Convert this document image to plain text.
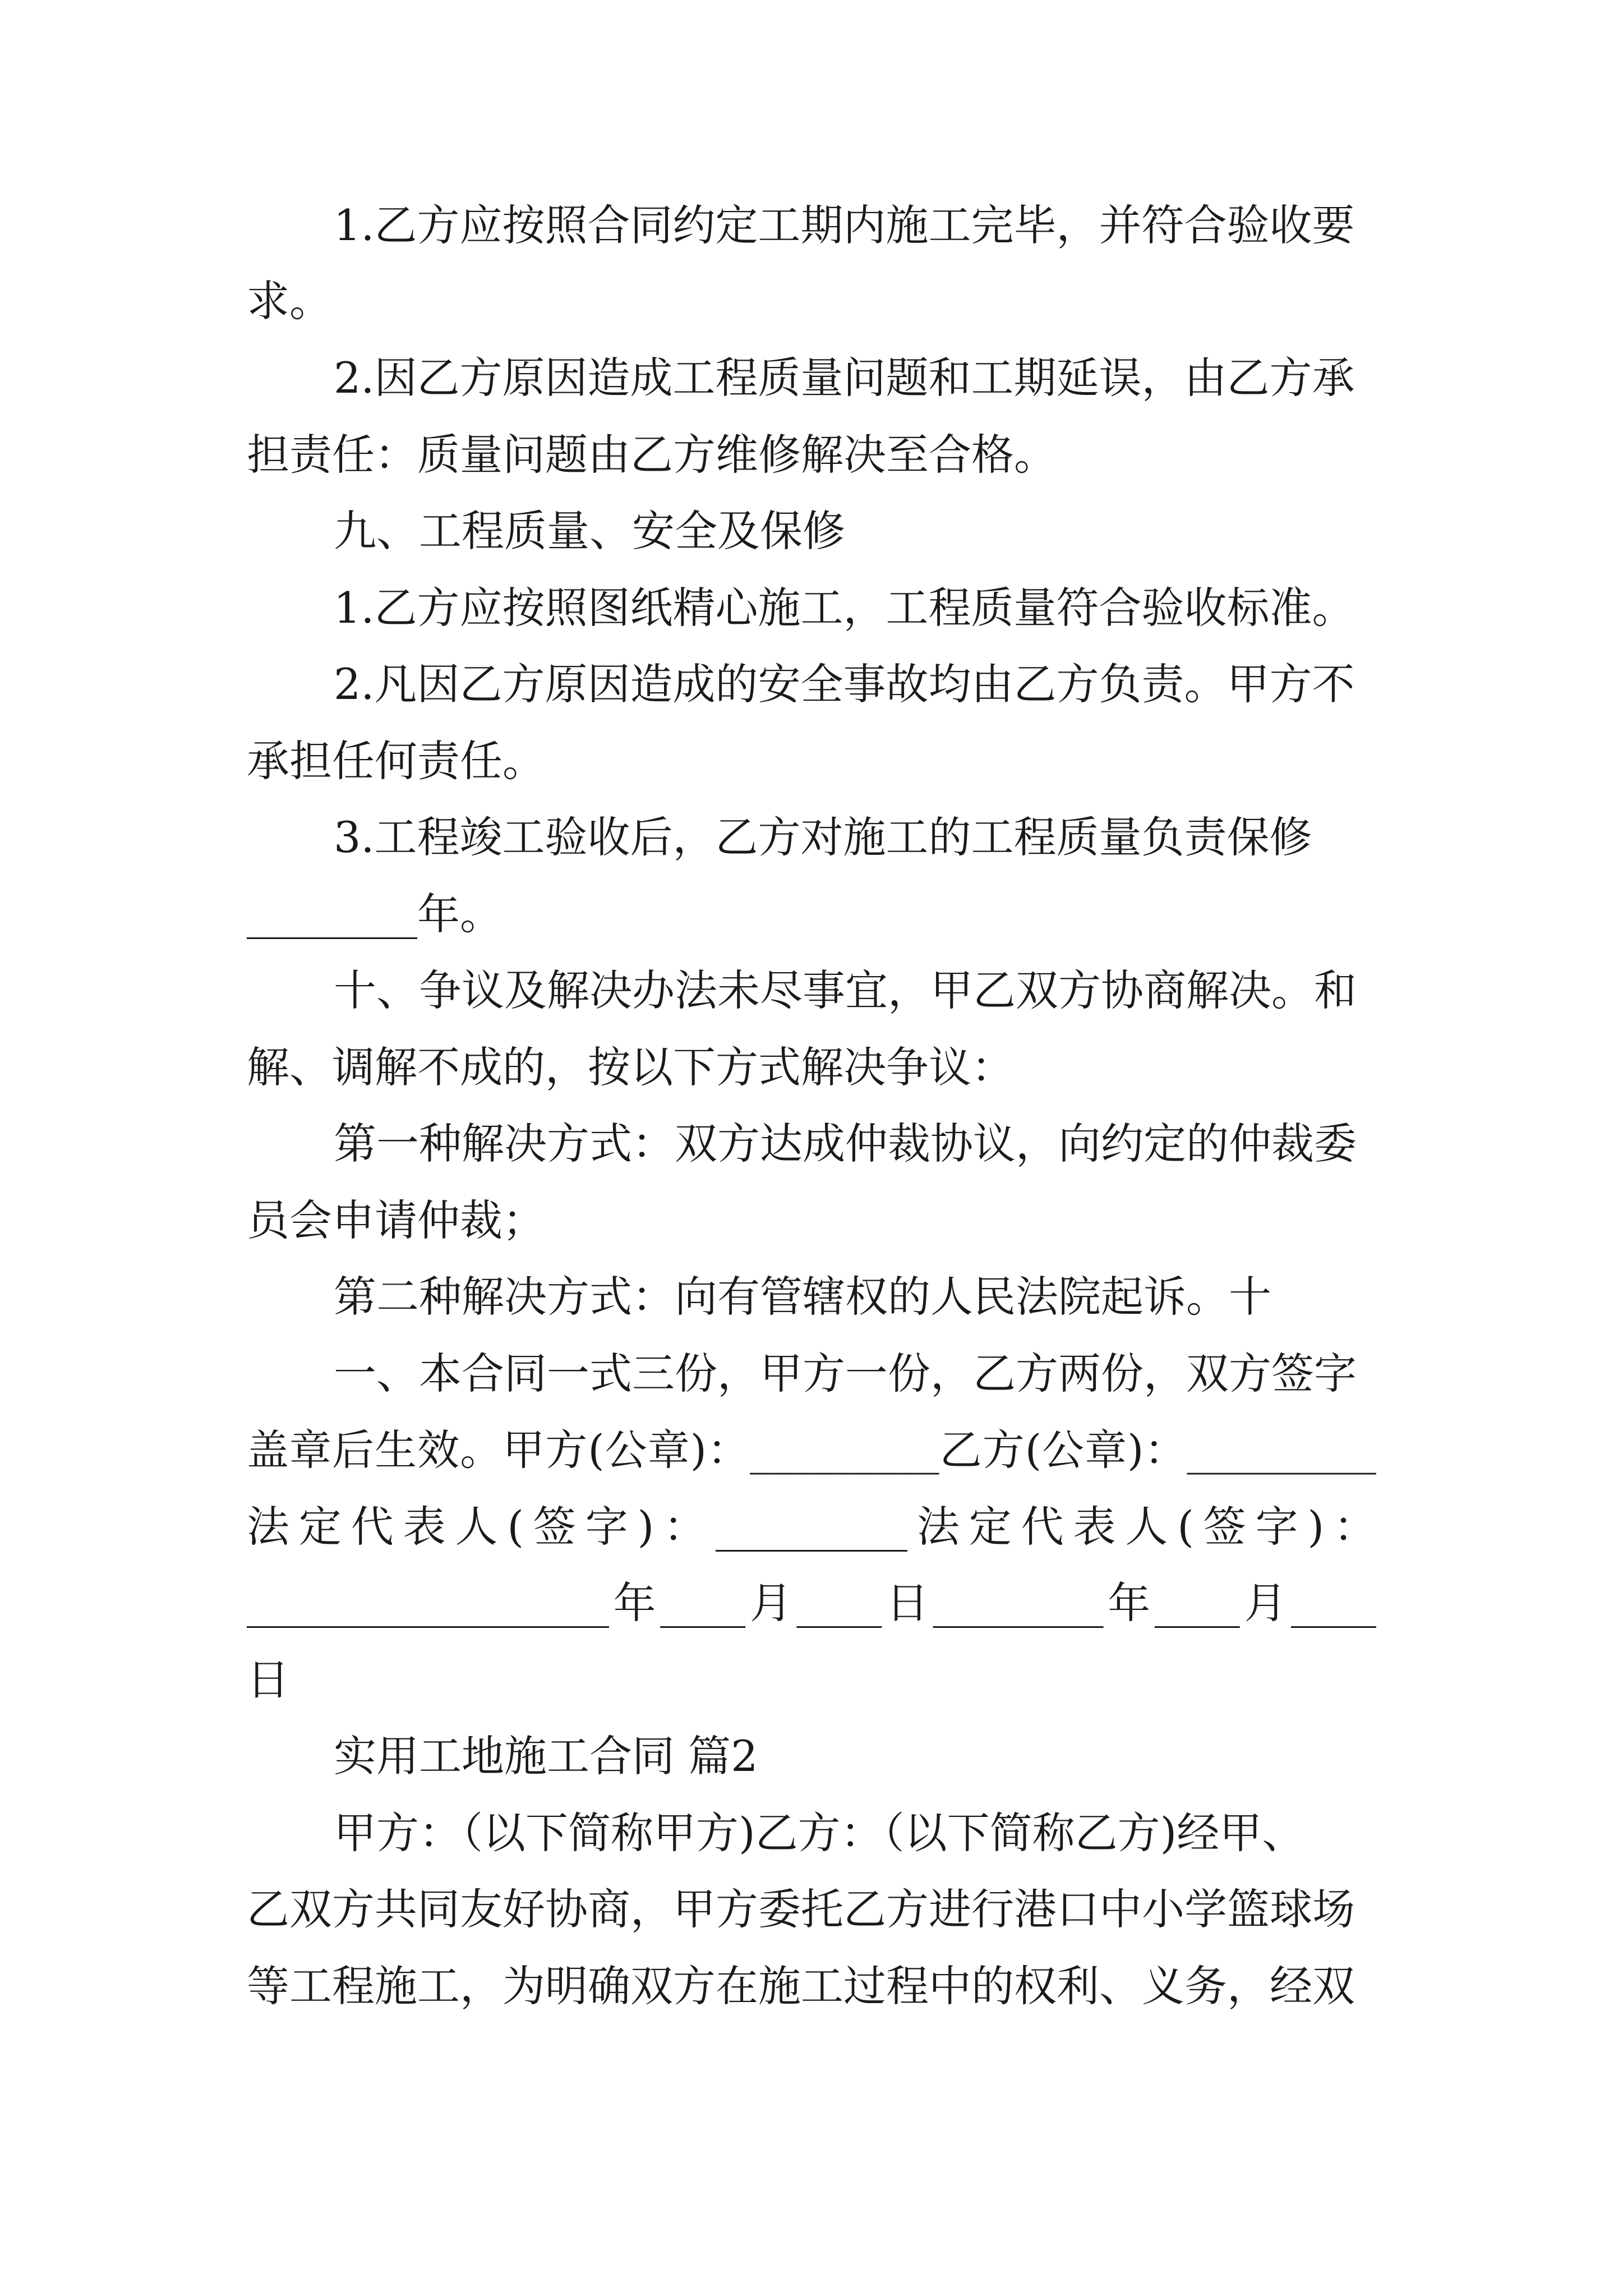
1.乙方应按照合同约定工期内施工完毕，并符合验收要
求。
2.因乙方原因造成工程质量问题和工期延误，由乙方承
担责任：质量问题由乙方维修解决至合格。
九、工程质量、安全及保修
1.乙方应按照图纸精心施工，工程质量符合验收标准。
2.凡因乙方原因造成的安全事故均由乙方负责。甲方不
承担任何责任。
3.工程竣工验收后，乙方对施工的工程质量负责保修
________年。
十、争议及解决办法未尽事宜，甲乙双方协商解决。和
解、调解不成的，按以下方式解决争议：
第一种解决方式：双方达成仲裁协议，向约定的仲裁委
员会申请仲裁；
第二种解决方式：向有管辖权的人民法院起诉。十
一、本合同一式三份，甲方一份，乙方两份，双方签字
盖章后生效。甲方(公章)：_________乙方(公章)：_________
法定代表人(签字)：_________法定代表人(签字)：
_________________年____月____日________年____月____
日
实用工地施工合同 篇2
甲方：（以下简称甲方)乙方：（以下简称乙方)经甲、
乙双方共同友好协商，甲方委托乙方进行港口中小学篮球场
等工程施工，为明确双方在施工过程中的权利、义务，经双
